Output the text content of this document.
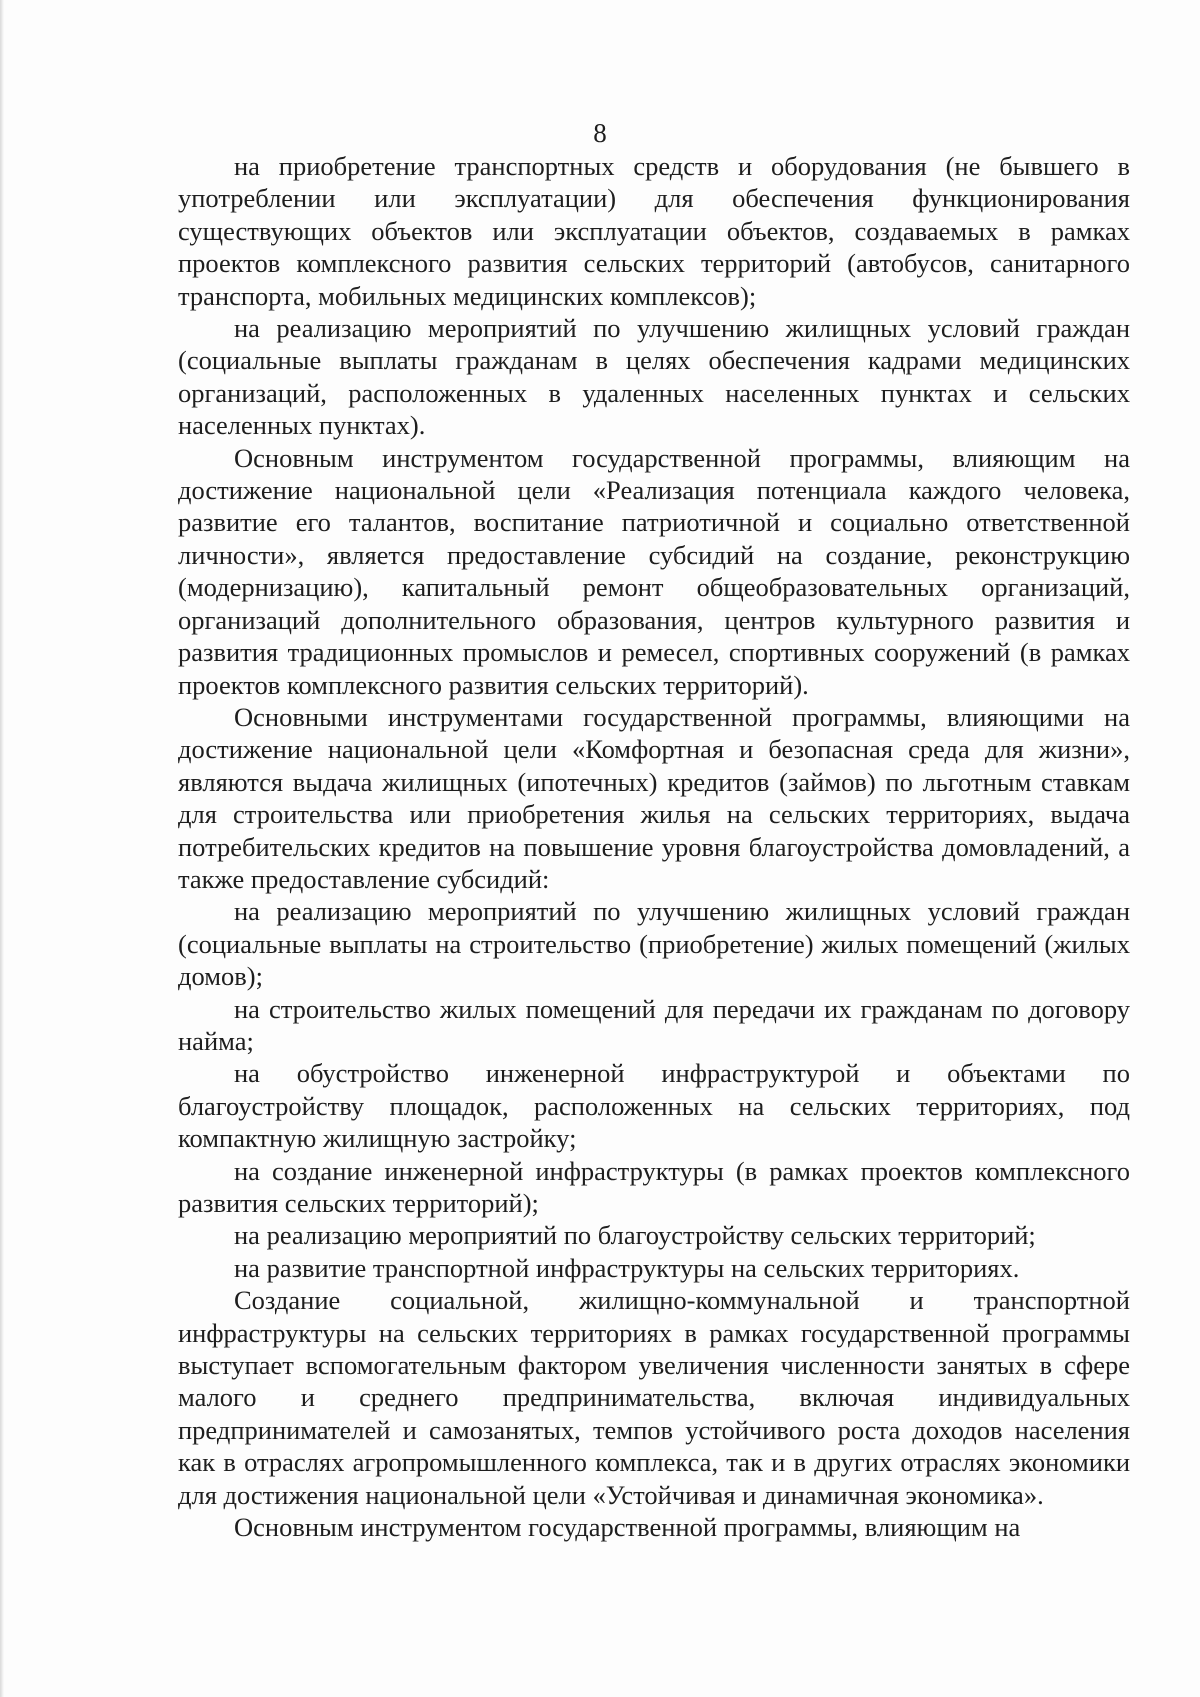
8

на приобретение транспортных средств и оборудования (не бывшего в употреблении или эксплуатации) для обеспечения функционирования существующих объектов или эксплуатации объектов, создаваемых в рамках проектов комплексного развития сельских территорий (автобусов, санитарного транспорта, мобильных медицинских комплексов);

на реализацию мероприятий по улучшению жилищных условий граждан (социальные выплаты гражданам в целях обеспечения кадрами медицинских организаций, расположенных в удаленных населенных пунктах и сельских населенных пунктах).

Основным инструментом государственной программы, влияющим на достижение национальной цели «Реализация потенциала каждого человека, развитие его талантов, воспитание патриотичной и социально ответственной личности», является предоставление субсидий на создание, реконструкцию (модернизацию), капитальный ремонт общеобразовательных организаций, организаций дополнительного образования, центров культурного развития и развития традиционных промыслов и ремесел, спортивных сооружений (в рамках проектов комплексного развития сельских территорий).

Основными инструментами государственной программы, влияющими на достижение национальной цели «Комфортная и безопасная среда для жизни», являются выдача жилищных (ипотечных) кредитов (займов) по льготным ставкам для строительства или приобретения жилья на сельских территориях, выдача потребительских кредитов на повышение уровня благоустройства домовладений, а также предоставление субсидий:

на реализацию мероприятий по улучшению жилищных условий граждан (социальные выплаты на строительство (приобретение) жилых помещений (жилых домов);

на строительство жилых помещений для передачи их гражданам по договору найма;

на обустройство инженерной инфраструктурой и объектами по благоустройству площадок, расположенных на сельских территориях, под компактную жилищную застройку;

на создание инженерной инфраструктуры (в рамках проектов комплексного развития сельских территорий);

на реализацию мероприятий по благоустройству сельских территорий;

на развитие транспортной инфраструктуры на сельских территориях.

Создание социальной, жилищно-коммунальной и транспортной инфраструктуры на сельских территориях в рамках государственной программы выступает вспомогательным фактором увеличения численности занятых в сфере малого и среднего предпринимательства, включая индивидуальных предпринимателей и самозанятых, темпов устойчивого роста доходов населения как в отраслях агропромышленного комплекса, так и в других отраслях экономики для достижения национальной цели «Устойчивая и динамичная экономика».

Основным инструментом государственной программы, влияющим на
